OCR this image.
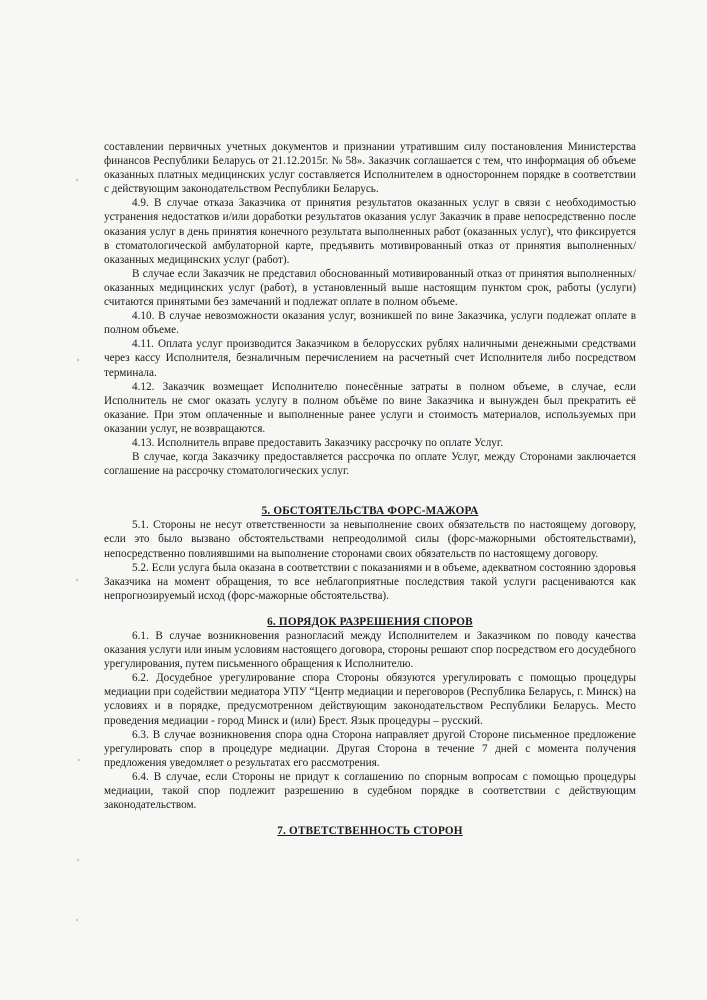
составлении первичных учетных документов и признании утратившим силу постановления Министерства финансов Республики Беларусь от 21.12.2015г. № 58». Заказчик соглашается с тем, что информация об объеме оказанных платных медицинских услуг составляется Исполнителем в одностороннем порядке в соответствии с действующим законодательством Республики Беларусь.

4.9. В случае отказа Заказчика от принятия результатов оказанных услуг в связи с необходимостью устранения недостатков и/или доработки результатов оказания услуг Заказчик в праве непосредственно после оказания услуг в день принятия конечного результата выполненных работ (оказанных услуг), что фиксируется в стоматологической амбулаторной карте, предъявить мотивированный отказ от принятия выполненных/оказанных медицинских услуг (работ).

В случае если Заказчик не представил обоснованный мотивированный отказ от принятия выполненных/оказанных медицинских услуг (работ), в установленный выше настоящим пунктом срок, работы (услуги) считаются принятыми без замечаний и подлежат оплате в полном объеме.

4.10. В случае невозможности оказания услуг, возникшей по вине Заказчика, услуги подлежат оплате в полном объеме.

4.11. Оплата услуг производится Заказчиком в белорусских рублях наличными денежными средствами через кассу Исполнителя, безналичным перечислением на расчетный счет Исполнителя либо посредством терминала.

4.12. Заказчик возмещает Исполнителю понесённые затраты в полном объеме, в случае, если Исполнитель не смог оказать услугу в полном объёме по вине Заказчика и вынужден был прекратить её оказание. При этом оплаченные и выполненные ранее услуги и стоимость материалов, используемых при оказании услуг, не возвращаются.

4.13. Исполнитель вправе предоставить Заказчику рассрочку по оплате Услуг.

В случае, когда Заказчику предоставляется рассрочка по оплате Услуг, между Сторонами заключается соглашение на рассрочку стоматологических услуг.

5. ОБСТОЯТЕЛЬСТВА ФОРС-МАЖОРА

5.1. Стороны не несут ответственности за невыполнение своих обязательств по настоящему договору, если это было вызвано обстоятельствами непреодолимой силы (форс-мажорными обстоятельствами), непосредственно повлиявшими на выполнение сторонами своих обязательств по настоящему договору.

5.2. Если услуга была оказана в соответствии с показаниями и в объеме, адекватном состоянию здоровья Заказчика на момент обращения, то все неблагоприятные последствия такой услуги расцениваются как непрогнозируемый исход (форс-мажорные обстоятельства).

6. ПОРЯДОК РАЗРЕШЕНИЯ СПОРОВ

6.1. В случае возникновения разногласий между Исполнителем и Заказчиком по поводу качества оказания услуги или иным условиям настоящего договора, стороны решают спор посредством его досудебного урегулирования, путем письменного обращения к Исполнителю.

6.2. Досудебное урегулирование спора Стороны обязуются урегулировать с помощью процедуры медиации при содействии медиатора УПУ “Центр медиации и переговоров (Республика Беларусь, г. Минск) на условиях и в порядке, предусмотренном действующим законодательством Республики Беларусь. Место проведения медиации - город Минск и (или) Брест. Язык процедуры – русский.

6.3. В случае возникновения спора одна Сторона направляет другой Стороне письменное предложение урегулировать спор в процедуре медиации. Другая Сторона в течение 7 дней с момента получения предложения уведомляет о результатах его рассмотрения.

6.4. В случае, если Стороны не придут к соглашению по спорным вопросам с помощью процедуры медиации, такой спор подлежит разрешению в судебном порядке в соответствии с действующим законодательством.

7. ОТВЕТСТВЕННОСТЬ СТОРОН
